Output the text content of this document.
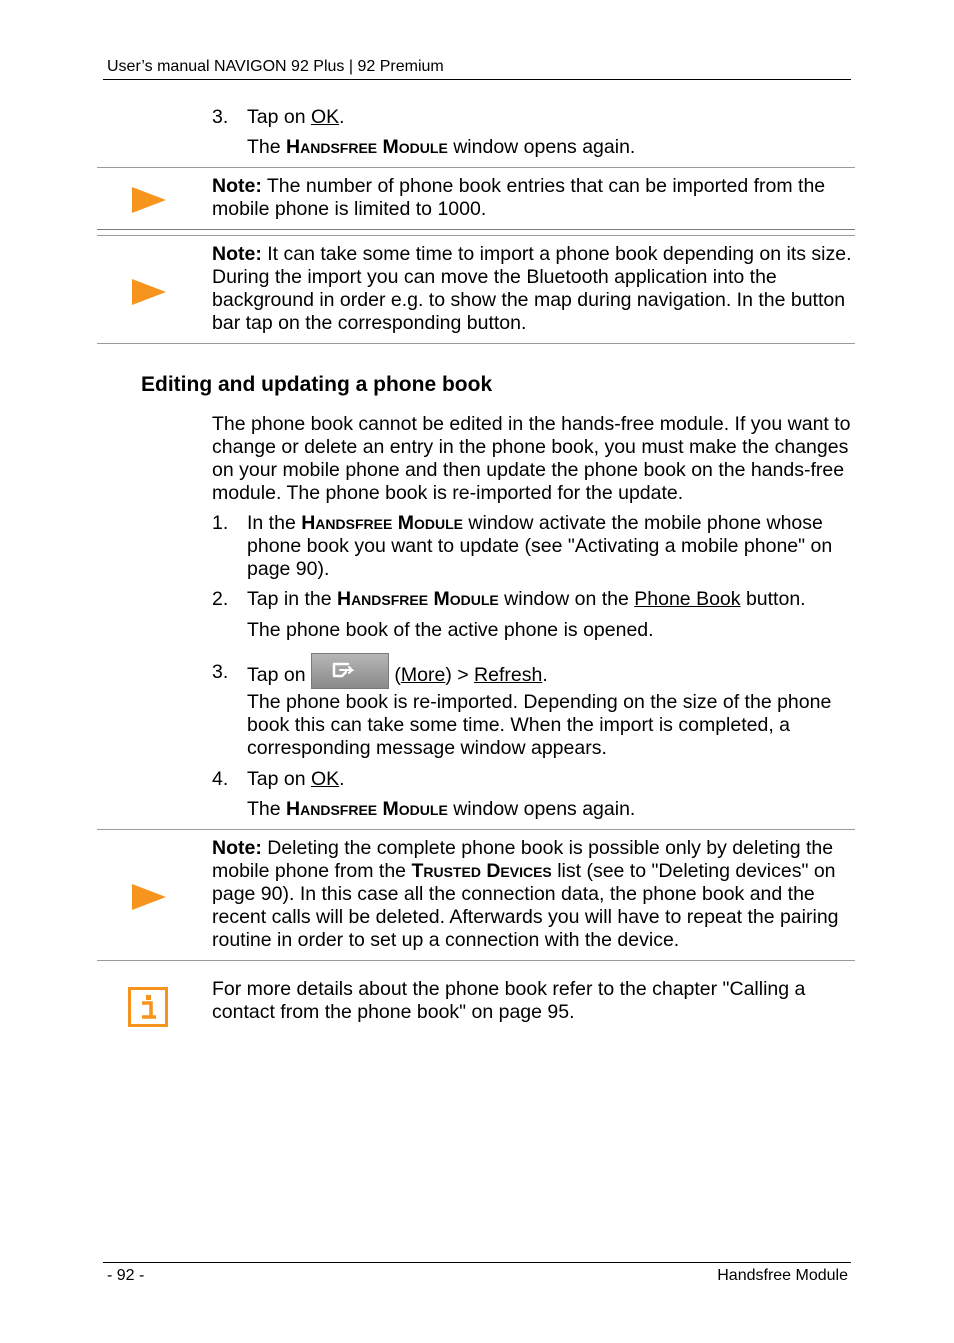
User’s manual NAVIGON 92 Plus | 92 Premium
3. Tap on OK.
The Handsfree Module window opens again.
Note: The number of phone book entries that can be imported from the mobile phone is limited to 1000.
Note: It can take some time to import a phone book depending on its size. During the import you can move the Bluetooth application into the background in order e.g. to show the map during navigation. In the button bar tap on the corresponding button.
Editing and updating a phone book
The phone book cannot be edited in the hands-free module. If you want to change or delete an entry in the phone book, you must make the changes on your mobile phone and then update the phone book on the hands-free module. The phone book is re-imported for the update.
1. In the Handsfree Module window activate the mobile phone whose phone book you want to update (see "Activating a mobile phone" on page 90).
2. Tap in the Handsfree Module window on the Phone Book button.
The phone book of the active phone is opened.
3. Tap on	(More) > Refresh.
The phone book is re-imported. Depending on the size of the phone book this can take some time. When the import is completed, a corresponding message window appears.
4. Tap on OK.
The Handsfree Module window opens again.
Note: Deleting the complete phone book is possible only by deleting the mobile phone from the Trusted Devices list (see to "Deleting devices" on page 90). In this case all the connection data, the phone book and the recent calls will be deleted. Afterwards you will have to repeat the pairing routine in order to set up a connection with the device.
For more details about the phone book refer to the chapter "Calling a contact from the phone book" on page 95.
- 92 -	Handsfree Module
